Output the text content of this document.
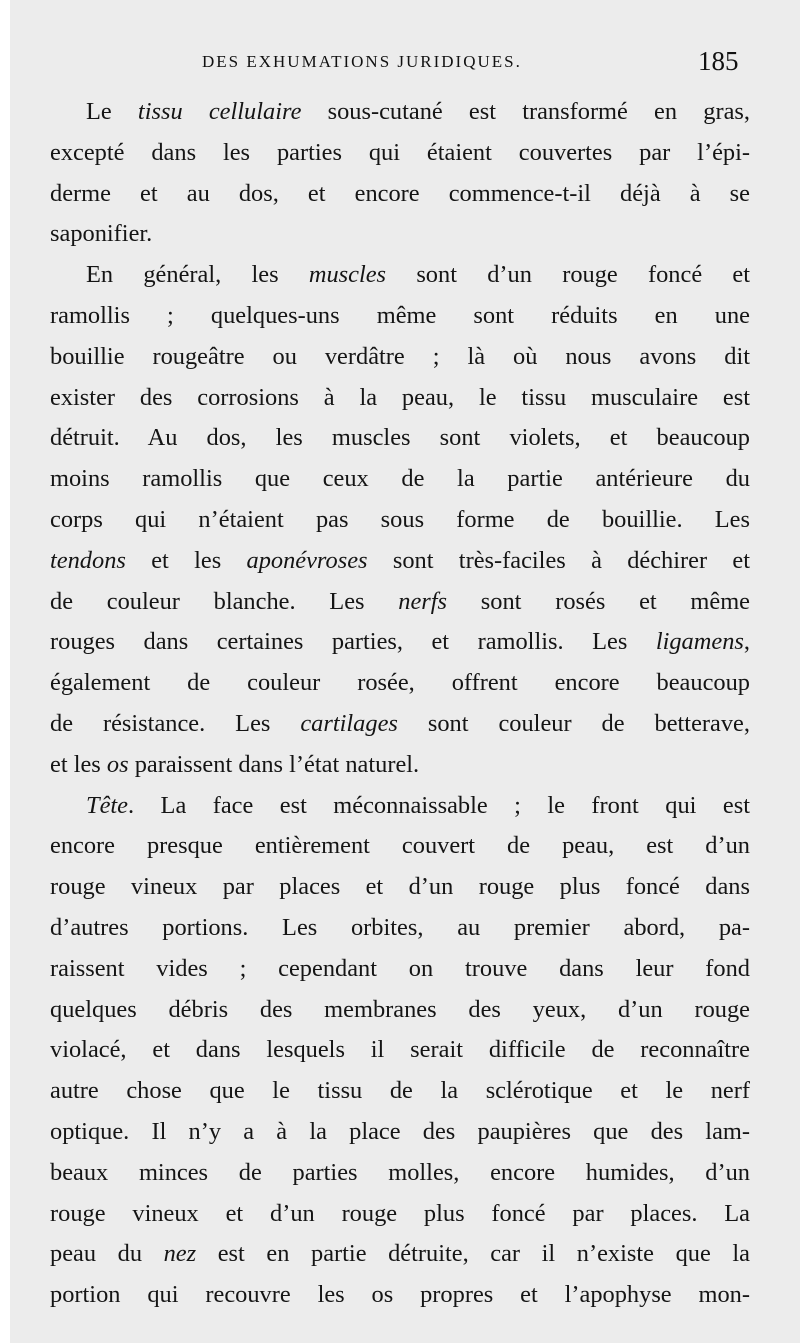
DES EXHUMATIONS JURIDIQUES.	185
Le tissu cellulaire sous-cutané est transformé en gras,
excepté dans les parties qui étaient couvertes par l’épi-
derme et au dos, et encore commence-t-il déjà à se
saponifier.
En général, les muscles sont d’un rouge foncé et
ramollis ; quelques-uns même sont réduits en une
bouillie rougeâtre ou verdâtre ; là où nous avons dit
exister des corrosions à la peau, le tissu musculaire est
détruit. Au dos, les muscles sont violets, et beaucoup
moins ramollis que ceux de la partie antérieure du
corps qui n’étaient pas sous forme de bouillie. Les
tendons et les aponévroses sont très-faciles à déchirer et
de couleur blanche. Les nerfs sont rosés et même
rouges dans certaines parties, et ramollis. Les ligamens,
également de couleur rosée, offrent encore beaucoup
de résistance. Les cartilages sont couleur de betterave,
et les os paraissent dans l’état naturel.
Tête. La face est méconnaissable ; le front qui est
encore presque entièrement couvert de peau, est d’un
rouge vineux par places et d’un rouge plus foncé dans
d’autres portions. Les orbites, au premier abord, pa-
raissent vides ; cependant on trouve dans leur fond
quelques débris des membranes des yeux, d’un rouge
violacé, et dans lesquels il serait difficile de reconnaître
autre chose que le tissu de la sclérotique et le nerf
optique. Il n’y a à la place des paupières que des lam-
beaux minces de parties molles, encore humides, d’un
rouge vineux et d’un rouge plus foncé par places. La
peau du nez est en partie détruite, car il n’existe que la
portion qui recouvre les os propres et l’apophyse mon-
